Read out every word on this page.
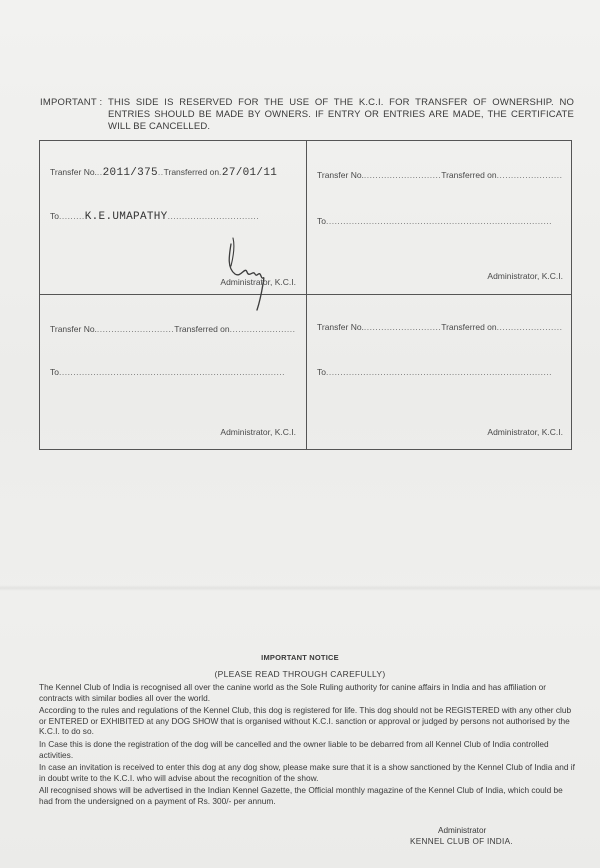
IMPORTANT : THIS SIDE IS RESERVED FOR THE USE OF THE K.C.I. FOR TRANSFER OF OWNERSHIP. NO ENTRIES SHOULD BE MADE BY OWNERS. IF ENTRY OR ENTRIES ARE MADE, THE CERTIFICATE WILL BE CANCELLED.
Transfer No...2011/375..Transferred on.27/01/11
To.........K.E.UMAPATHY................................
Administrator, K.C.I.
Transfer No............................Transferred on.......................
To...............................................................................
Administrator, K.C.I.
Transfer No............................Transferred on.......................
To...............................................................................
Administrator, K.C.I.
Transfer No............................Transferred on.......................
To...............................................................................
Administrator, K.C.I.
IMPORTANT NOTICE
(PLEASE READ THROUGH CAREFULLY)

The Kennel Club of India is recognised all over the canine world as the Sole Ruling authority for canine affairs in India and has affiliation or contracts with similar bodies all over the world.

According to the rules and regulations of the Kennel Club, this dog is registered for life. This dog should not be REGISTERED with any other club or ENTERED or EXHIBITED at any DOG SHOW that is organised without K.C.I. sanction or approval or judged by persons not authorised by the K.C.I. to do so.

In Case this is done the registration of the dog will be cancelled and the owner liable to be debarred from all Kennel Club of India controlled activities.

In case an invitation is received to enter this dog at any dog show, please make sure that it is a show sanctioned by the Kennel Club of India and if in doubt write to the K.C.I. who will advise about the recognition of the show.

All recognised shows will be advertised in the Indian Kennel Gazette, the Official monthly magazine of the Kennel Club of India, which could be had from the undersigned on a payment of Rs. 300/- per annum.

Administrator
KENNEL CLUB OF INDIA.
